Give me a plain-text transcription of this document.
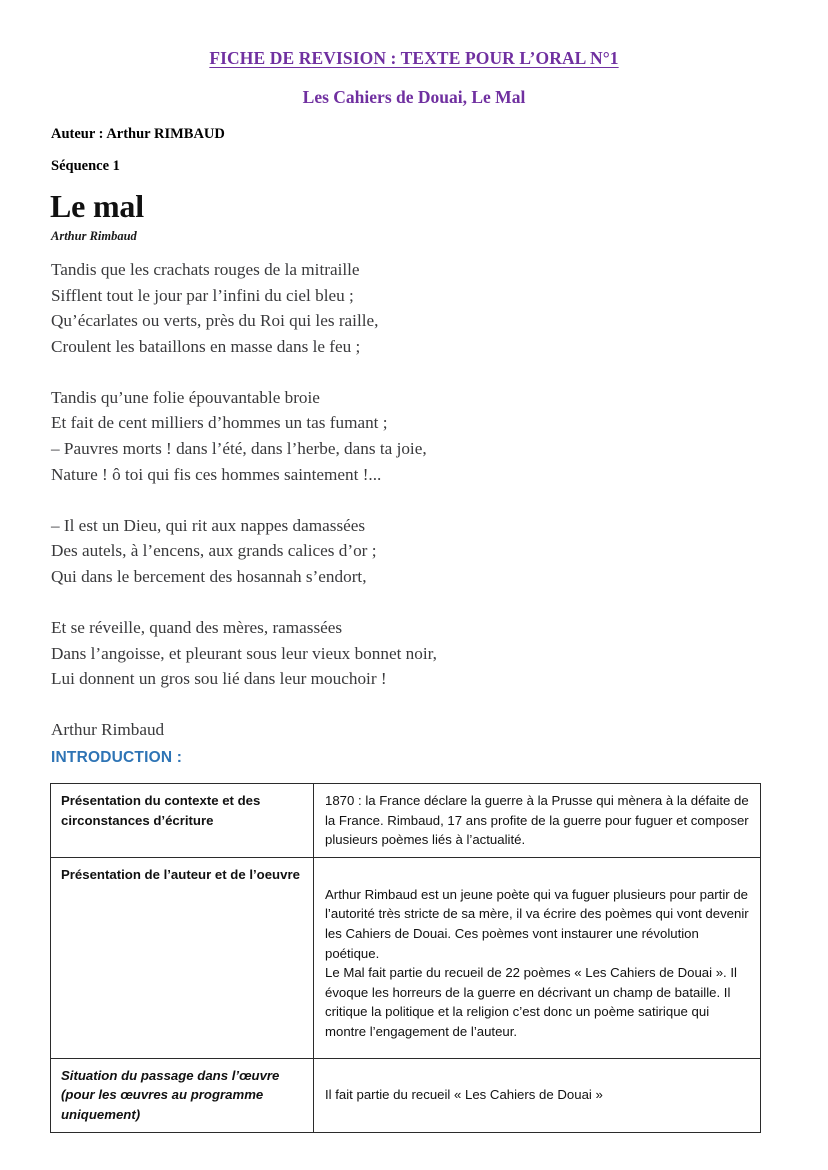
FICHE DE REVISION : TEXTE POUR L’ORAL N°1
Les Cahiers de Douai, Le Mal
Auteur : Arthur RIMBAUD
Séquence 1
Le mal
Arthur Rimbaud
Tandis que les crachats rouges de la mitraille
Sifflent tout le jour par l’infini du ciel bleu ;
Qu’écarlates ou verts, près du Roi qui les raille,
Croulent les bataillons en masse dans le feu ;
Tandis qu’une folie épouvantable broie
Et fait de cent milliers d’hommes un tas fumant ;
– Pauvres morts ! dans l’été, dans l’herbe, dans ta joie,
Nature ! ô toi qui fis ces hommes saintement !...
– Il est un Dieu, qui rit aux nappes damassées
Des autels, à l’encens, aux grands calices d’or ;
Qui dans le bercement des hosannah s’endort,
Et se réveille, quand des mères, ramassées
Dans l’angoisse, et pleurant sous leur vieux bonnet noir,
Lui donnent un gros sou lié dans leur mouchoir !
Arthur Rimbaud
INTRODUCTION :
Présentation du contexte et des circonstances d’écriture	1870 : la France déclare la guerre à la Prusse qui mènera à la défaite de la France. Rimbaud, 17 ans profite de la guerre pour fuguer et composer plusieurs poèmes liés à l’actualité.
Présentation de l’auteur et de l’oeuvre	Arthur Rimbaud est un jeune poète qui va fuguer plusieurs pour partir de l’autorité très stricte de sa mère, il va écrire des poèmes qui vont devenir les Cahiers de Douai. Ces poèmes vont instaurer une révolution poétique.

Le Mal fait partie du recueil de 22 poèmes « Les Cahiers de Douai ». Il évoque les horreurs de la guerre en décrivant un champ de bataille. Il critique la politique et la religion c’est donc un poème satirique qui montre l’engagement de l’auteur.

Situation du passage dans l’œuvre (pour les œuvres au programme uniquement)	Il fait partie du recueil « Les Cahiers de Douai »
